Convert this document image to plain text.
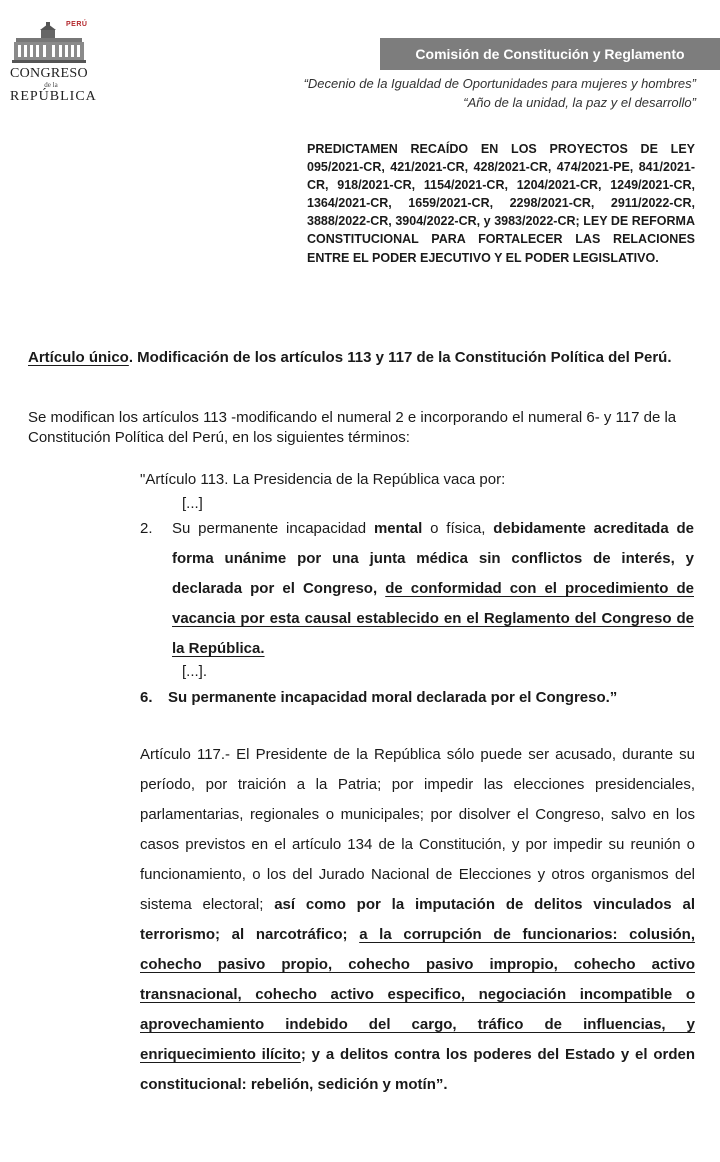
PERÚ
CONGRESO
de la
REPÚBLICA
Comisión de Constitución y Reglamento
“Decenio de la Igualdad de Oportunidades para mujeres y hombres”
“Año de la unidad, la paz y el desarrollo”
PREDICTAMEN RECAÍDO EN LOS PROYECTOS DE LEY 095/2021-CR, 421/2021-CR, 428/2021-CR, 474/2021-PE, 841/2021-CR, 918/2021-CR, 1154/2021-CR, 1204/2021-CR, 1249/2021-CR, 1364/2021-CR, 1659/2021-CR, 2298/2021-CR, 2911/2022-CR, 3888/2022-CR, 3904/2022-CR, y 3983/2022-CR; LEY DE REFORMA CONSTITUCIONAL PARA FORTALECER LAS RELACIONES ENTRE EL PODER EJECUTIVO Y EL PODER LEGISLATIVO.
Artículo único. Modificación de los artículos 113 y 117 de la Constitución Política del Perú.
Se modifican los artículos 113 -modificando el numeral 2 e incorporando el numeral 6- y 117 de la Constitución Política del Perú, en los siguientes términos:
"Artículo 113. La Presidencia de la República vaca por:
[...]
2.	Su permanente incapacidad mental o física, debidamente acreditada de forma unánime por una junta médica sin conflictos de interés, y declarada por el Congreso, de conformidad con el procedimiento de vacancia por esta causal establecido en el Reglamento del Congreso de la República.
[...].
6.	Su permanente incapacidad moral declarada por el Congreso.”
Artículo 117.- El Presidente de la República sólo puede ser acusado, durante su período, por traición a la Patria; por impedir las elecciones presidenciales, parlamentarias, regionales o municipales; por disolver el Congreso, salvo en los casos previstos en el artículo 134 de la Constitución, y por impedir su reunión o funcionamiento, o los del Jurado Nacional de Elecciones y otros organismos del sistema electoral; así como por la imputación de delitos vinculados al terrorismo; al narcotráfico; a la corrupción de funcionarios: colusión, cohecho pasivo propio, cohecho pasivo impropio, cohecho activo transnacional, cohecho activo especifico, negociación incompatible o aprovechamiento indebido del cargo, tráfico de influencias, y enriquecimiento ilícito; y a delitos contra los poderes del Estado y el orden constitucional: rebelión, sedición y motín”.
